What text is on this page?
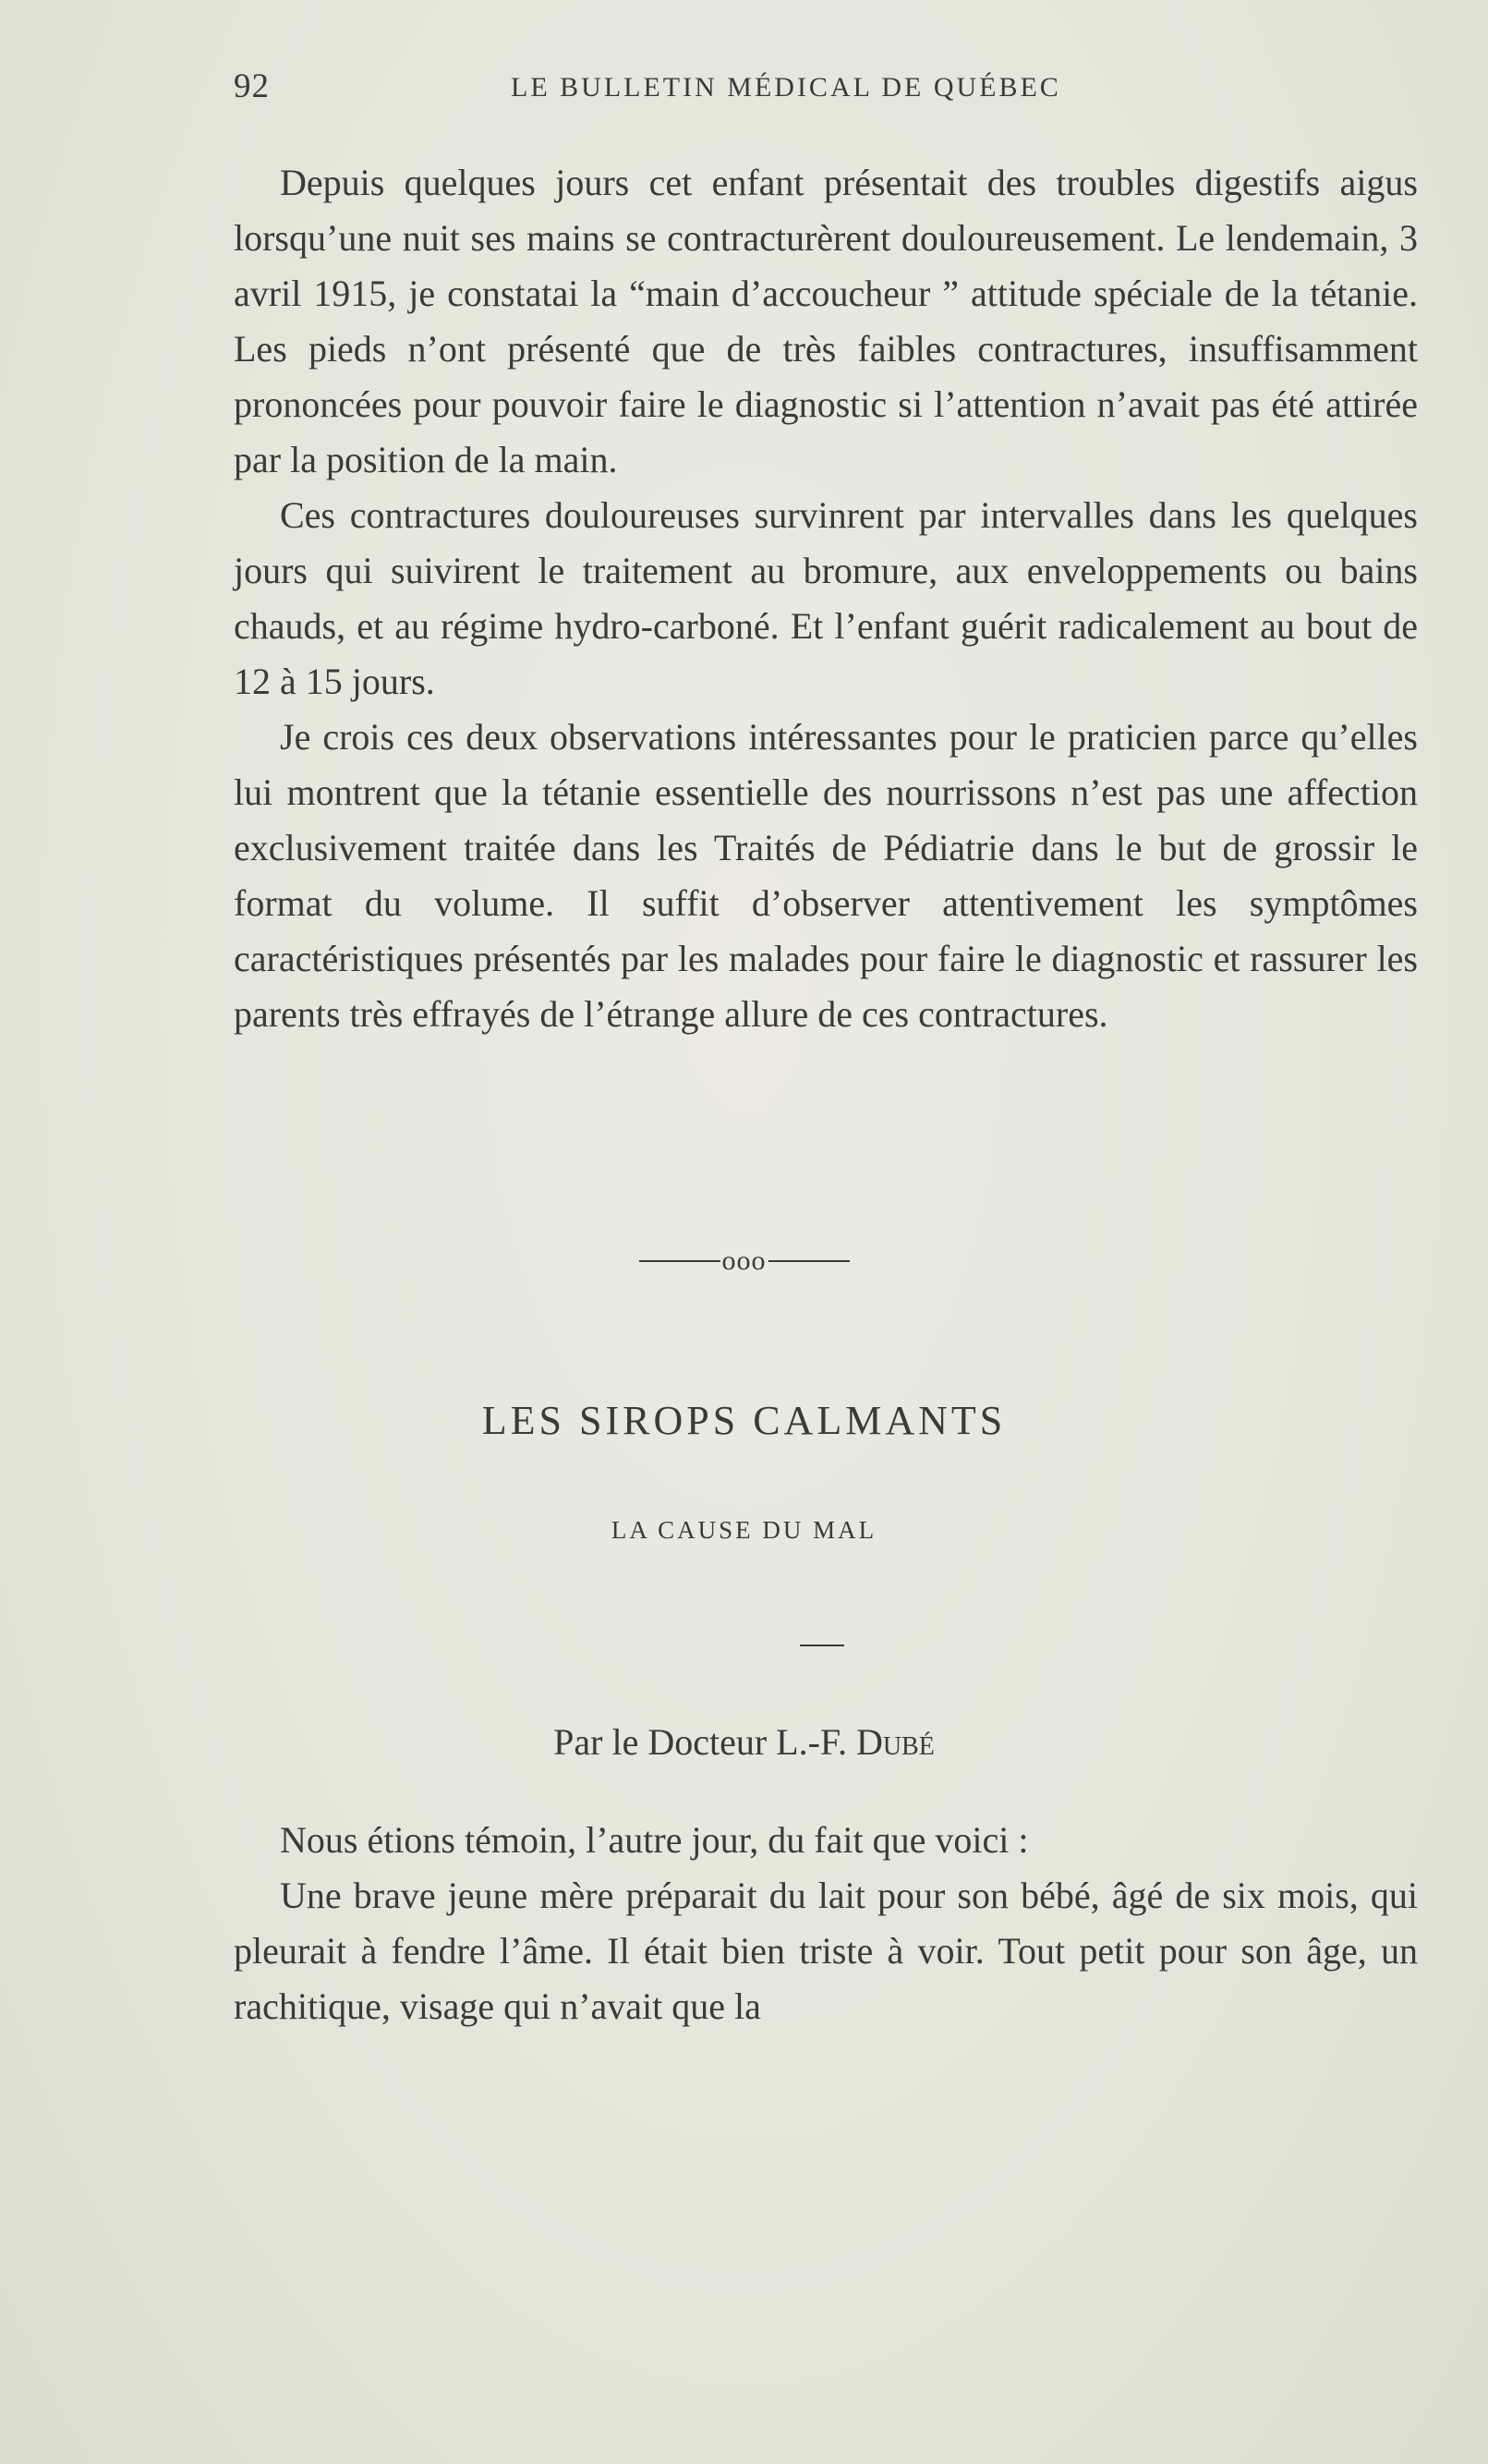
92	LE BULLETIN MÉDICAL DE QUÉBEC

Depuis quelques jours cet enfant présentait des troubles digestifs aigus lorsqu’une nuit ses mains se contracturèrent douloureusement. Le lendemain, 3 avril 1915, je constatai la “main d’accoucheur ” attitude spéciale de la tétanie. Les pieds n’ont présenté que de très faibles contractures, insuffisamment prononcées pour pouvoir faire le diagnostic si l’attention n’avait pas été attirée par la position de la main.

Ces contractures douloureuses survinrent par intervalles dans les quelques jours qui suivirent le traitement au bromure, aux enveloppements ou bains chauds, et au régime hydro-carboné. Et l’enfant guérit radicalement au bout de 12 à 15 jours.

Je crois ces deux observations intéressantes pour le praticien parce qu’elles lui montrent que la tétanie essentielle des nourrissons n’est pas une affection exclusivement traitée dans les Traités de Pédiatrie dans le but de grossir le format du volume. Il suffit d’observer attentivement les symptômes caractéristiques présentés par les malades pour faire le diagnostic et rassurer les parents très effrayés de l’étrange allure de ces contractures.

ooo
LES SIROPS CALMANTS
LA CAUSE DU MAL
Par le Docteur L.-F. Dubé

Nous étions témoin, l’autre jour, du fait que voici :

Une brave jeune mère préparait du lait pour son bébé, âgé de six mois, qui pleurait à fendre l’âme. Il était bien triste à voir. Tout petit pour son âge, un rachitique, visage qui n’avait que la
